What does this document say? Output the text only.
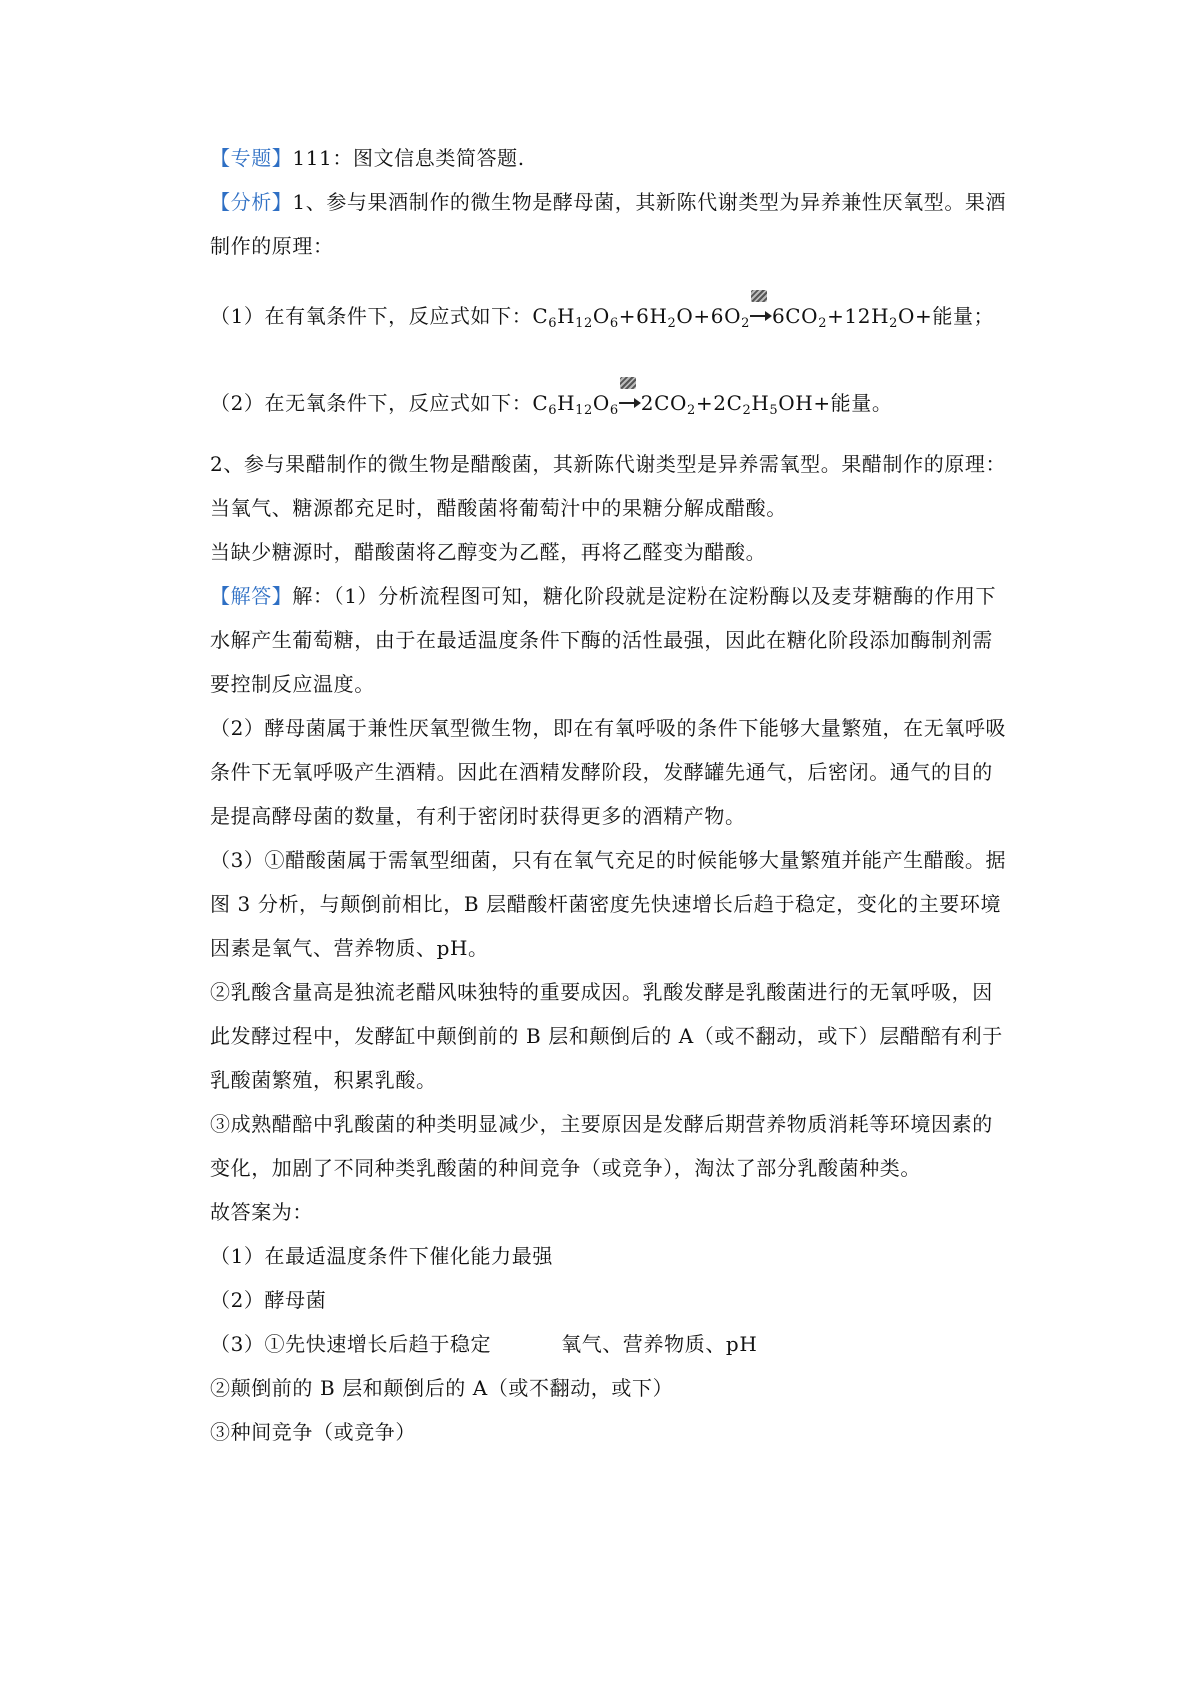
【专题】111：图文信息类简答题.
【分析】1、参与果酒制作的微生物是酵母菌，其新陈代谢类型为异养兼性厌氧型。果酒
制作的原理：
（1）在有氧条件下，反应式如下：$C_6H_{12}O_6+6H_2O+6O_2$ $6CO_2+12H_2O+$能量；
（2）在无氧条件下，反应式如下：$C_6H_{12}O_6$ $2CO_2+2C_2H_5OH+$能量。
2、参与果醋制作的微生物是醋酸菌，其新陈代谢类型是异养需氧型。果醋制作的原理：
当氧气、糖源都充足时，醋酸菌将葡萄汁中的果糖分解成醋酸。
当缺少糖源时，醋酸菌将乙醇变为乙醛，再将乙醛变为醋酸。
【解答】解：（1）分析流程图可知，糖化阶段就是淀粉在淀粉酶以及麦芽糖酶的作用下
水解产生葡萄糖，由于在最适温度条件下酶的活性最强，因此在糖化阶段添加酶制剂需
要控制反应温度。
（2）酵母菌属于兼性厌氧型微生物，即在有氧呼吸的条件下能够大量繁殖，在无氧呼吸
条件下无氧呼吸产生酒精。因此在酒精发酵阶段，发酵罐先通气，后密闭。通气的目的
是提高酵母菌的数量，有利于密闭时获得更多的酒精产物。
（3）①醋酸菌属于需氧型细菌，只有在氧气充足的时候能够大量繁殖并能产生醋酸。据
图 3 分析，与颠倒前相比，B 层醋酸杆菌密度先快速增长后趋于稳定，变化的主要环境
因素是氧气、营养物质、pH。
②乳酸含量高是独流老醋风味独特的重要成因。乳酸发酵是乳酸菌进行的无氧呼吸，因
此发酵过程中，发酵缸中颠倒前的 B 层和颠倒后的 A（或不翻动，或下）层醋醅有利于
乳酸菌繁殖，积累乳酸。
③成熟醋醅中乳酸菌的种类明显减少，主要原因是发酵后期营养物质消耗等环境因素的
变化，加剧了不同种类乳酸菌的种间竞争（或竞争），淘汰了部分乳酸菌种类。
故答案为：
（1）在最适温度条件下催化能力最强
（2）酵母菌
（3）①先快速增长后趋于稳定	氧气、营养物质、pH
②颠倒前的 B 层和颠倒后的 A（或不翻动，或下）
③种间竞争（或竞争）
